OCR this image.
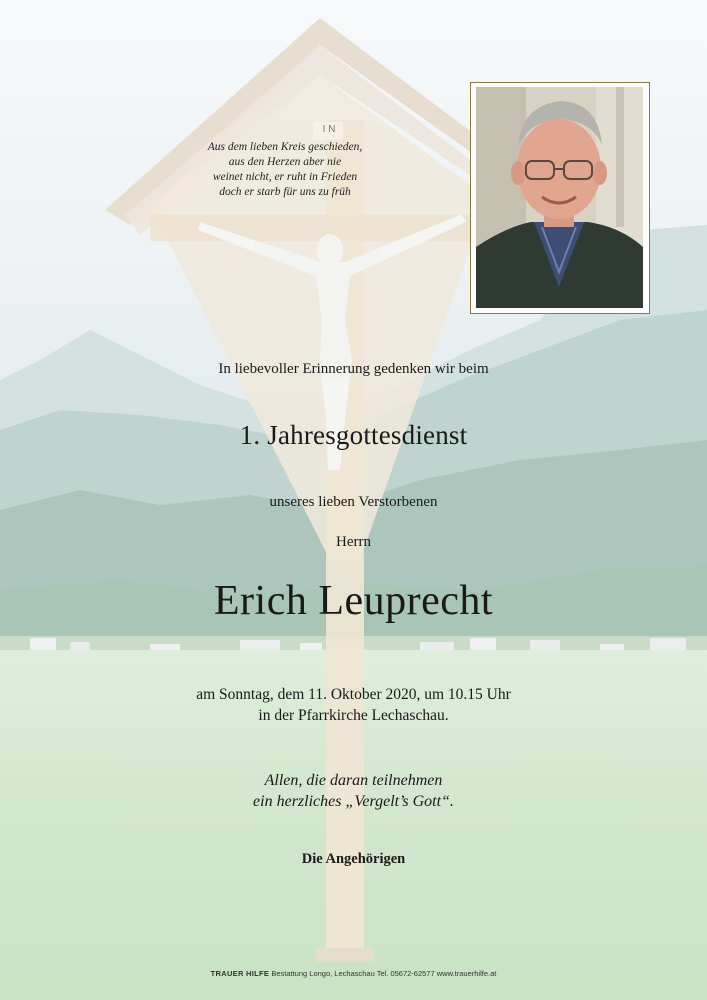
Aus dem lieben Kreis geschieden,
aus den Herzen aber nie
weinet nicht, er ruht in Frieden
doch er starb für uns zu früh
I N
In liebevoller Erinnerung gedenken wir beim
1. Jahresgottesdienst
unseres lieben Verstorbenen
Herrn
Erich Leuprecht
am Sonntag, dem 11. Oktober 2020, um 10.15 Uhr
in der Pfarrkirche Lechaschau.
Allen, die daran teilnehmen
ein herzliches „Vergelt’s Gott“.
Die Angehörigen
TRAUER HILFE Bestattung Longo, Lechaschau Tel. 05672-62577 www.trauerhilfe.at
